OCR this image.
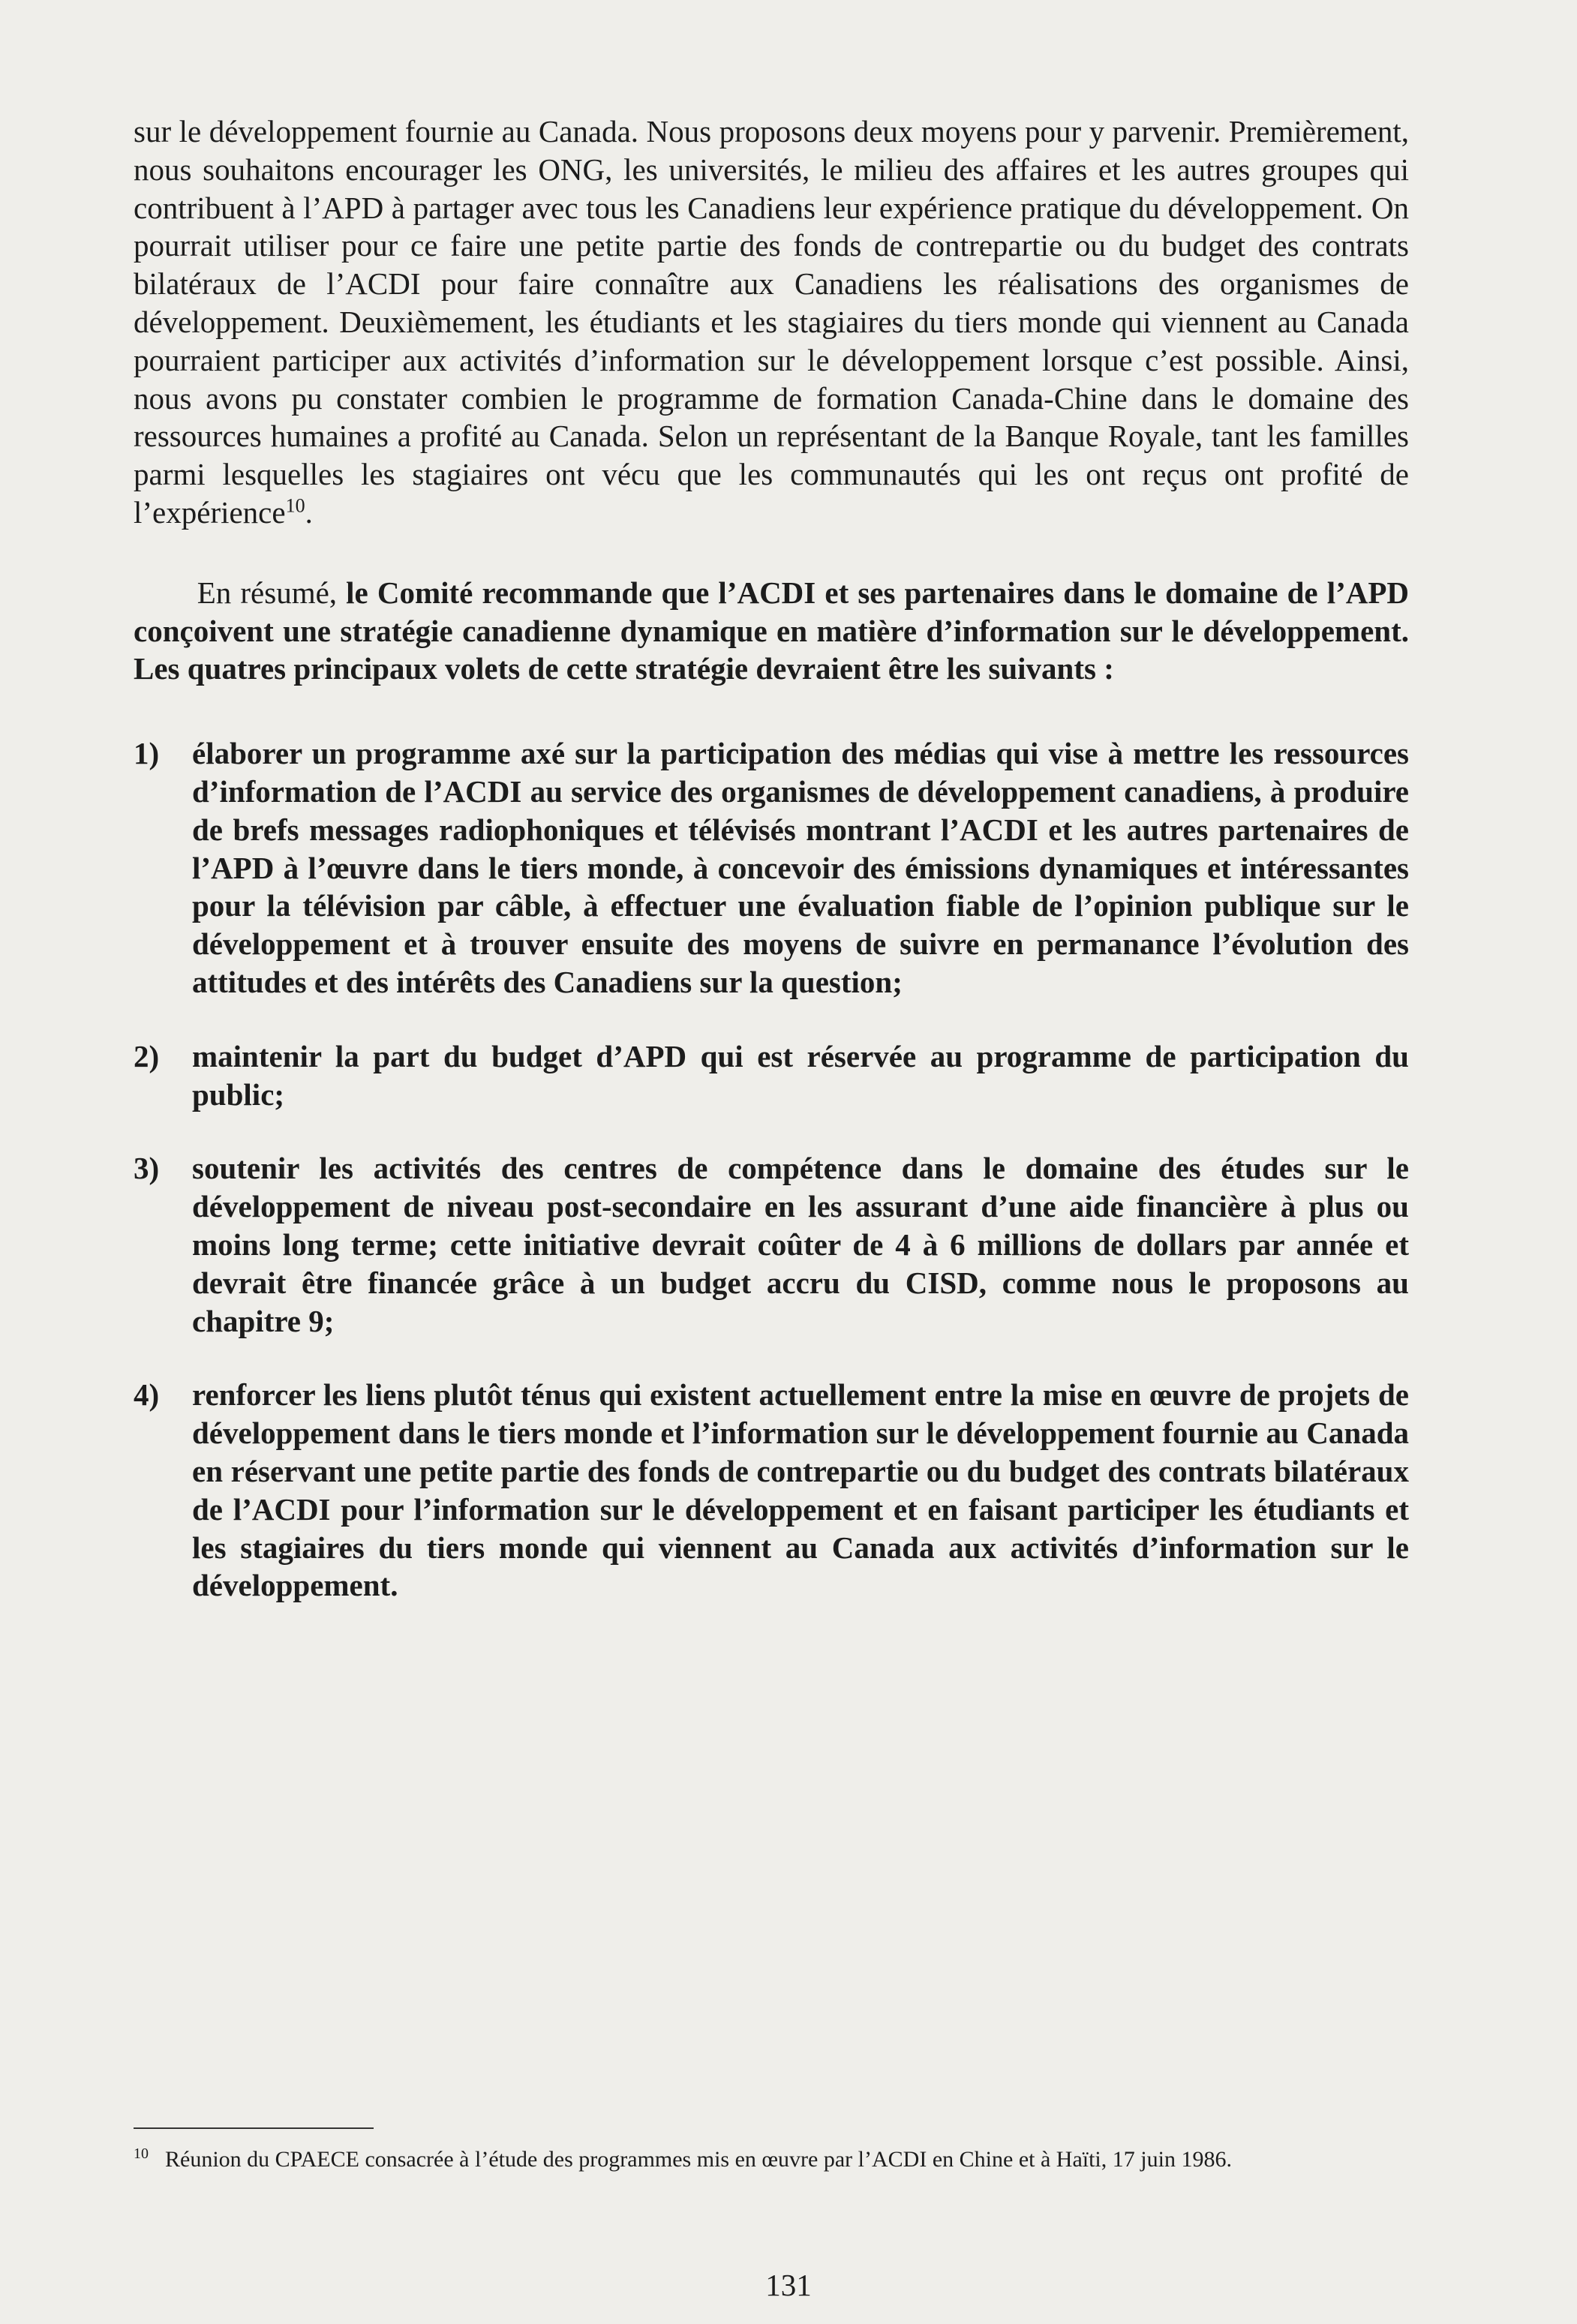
sur le développement fournie au Canada. Nous proposons deux moyens pour y parvenir. Premièrement, nous souhaitons encourager les ONG, les universités, le milieu des affaires et les autres groupes qui contribuent à l’APD à partager avec tous les Canadiens leur expérience pratique du développement. On pourrait utiliser pour ce faire une petite partie des fonds de contrepartie ou du budget des contrats bilatéraux de l’ACDI pour faire connaître aux Canadiens les réalisations des organismes de développement. Deuxièmement, les étudiants et les stagiaires du tiers monde qui viennent au Canada pourraient participer aux activités d’information sur le développement lorsque c’est possible. Ainsi, nous avons pu constater combien le programme de formation Canada-Chine dans le domaine des ressources humaines a profité au Canada. Selon un représentant de la Banque Royale, tant les familles parmi lesquelles les stagiaires ont vécu que les communautés qui les ont reçus ont profité de l’expérience$^{10}$.

En résumé, le Comité recommande que l’ACDI et ses partenaires dans le domaine de l’APD conçoivent une stratégie canadienne dynamique en matière d’information sur le développement. Les quatres principaux volets de cette stratégie devraient être les suivants :

1)	élaborer un programme axé sur la participation des médias qui vise à mettre les ressources d’information de l’ACDI au service des organismes de développement canadiens, à produire de brefs messages radiophoniques et télévisés montrant l’ACDI et les autres partenaires de l’APD à l’œuvre dans le tiers monde, à concevoir des émissions dynamiques et intéressantes pour la télévision par câble, à effectuer une évaluation fiable de l’opinion publique sur le développement et à trouver ensuite des moyens de suivre en permanance l’évolution des attitudes et des intérêts des Canadiens sur la question;
2)	maintenir la part du budget d’APD qui est réservée au programme de participation du public;
3)	soutenir les activités des centres de compétence dans le domaine des études sur le développement de niveau post-secondaire en les assurant d’une aide financière à plus ou moins long terme; cette initiative devrait coûter de 4 à 6 millions de dollars par année et devrait être financée grâce à un budget accru du CISD, comme nous le proposons au chapitre 9;
4)	renforcer les liens plutôt ténus qui existent actuellement entre la mise en œuvre de projets de développement dans le tiers monde et l’information sur le développement fournie au Canada en réservant une petite partie des fonds de contrepartie ou du budget des contrats bilatéraux de l’ACDI pour l’information sur le développement et en faisant participer les étudiants et les stagiaires du tiers monde qui viennent au Canada aux activités d’information sur le développement.

$^{10}$ Réunion du CPAECE consacrée à l’étude des programmes mis en œuvre par l’ACDI en Chine et à Haïti, 17 juin 1986.

131
